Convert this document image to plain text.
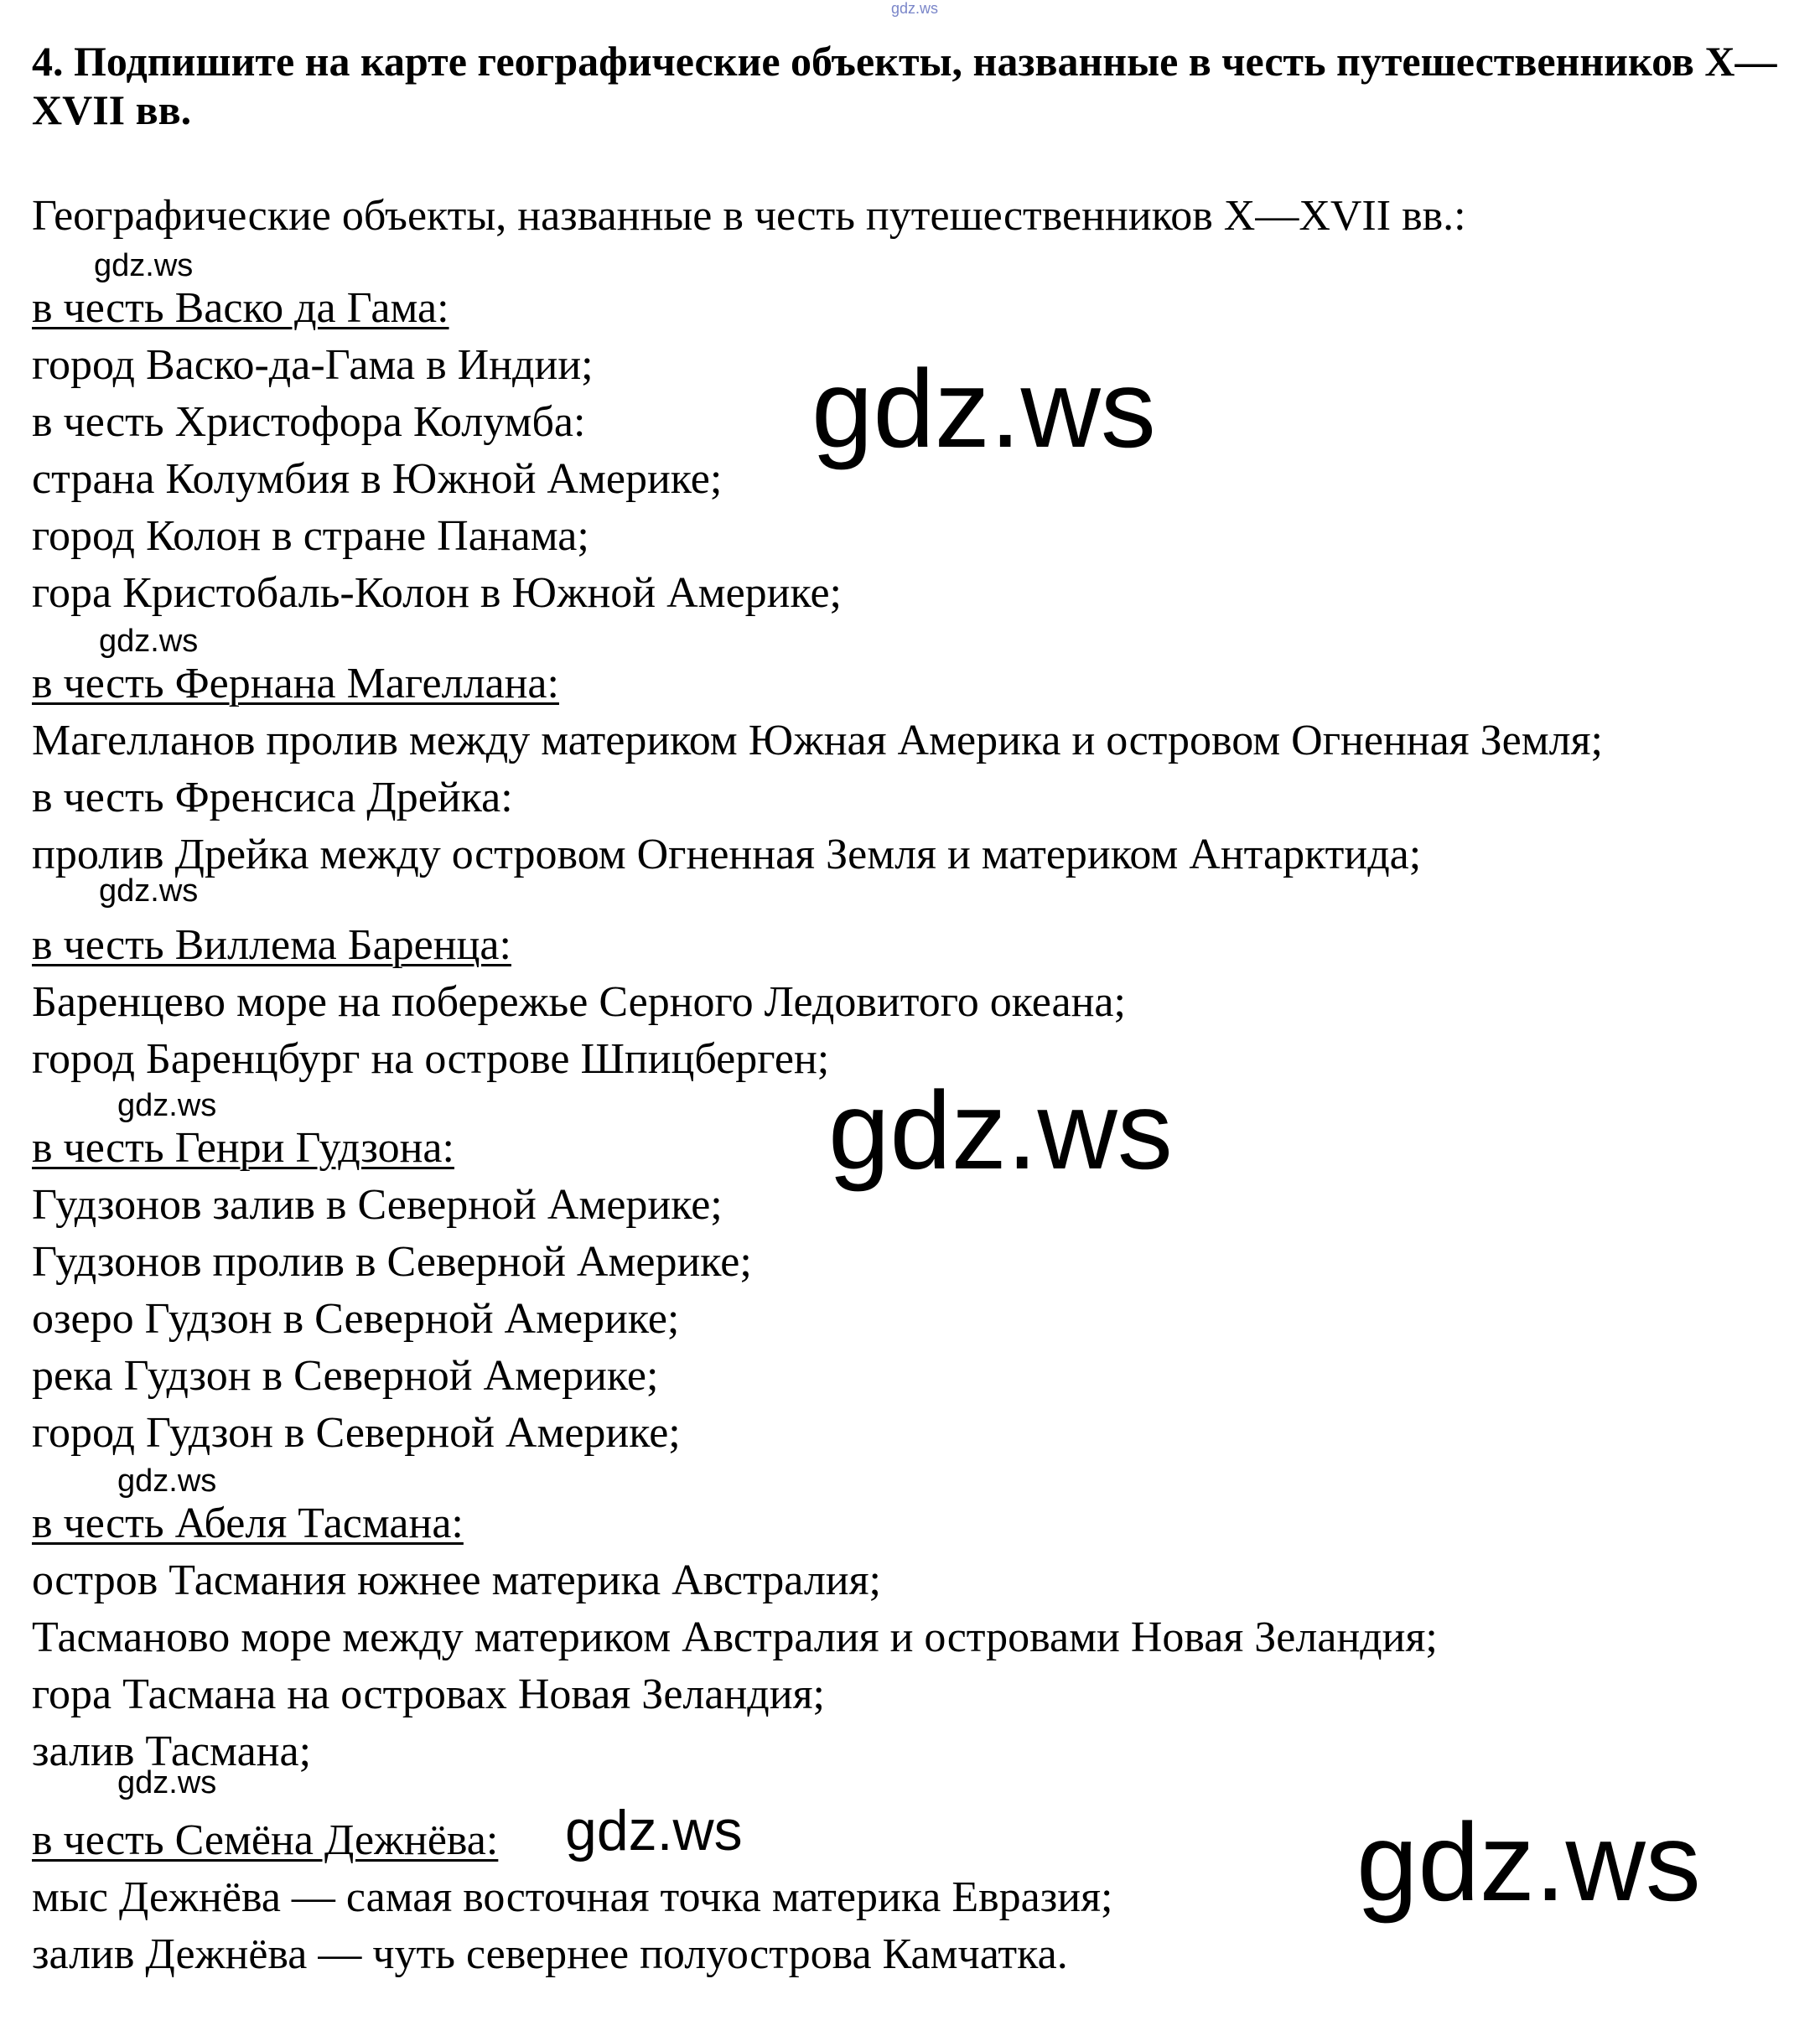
gdz.ws
4. Подпишите на карте географические объекты, названные в честь путешественников X—XVII вв.
Географические объекты, названные в честь путешественников X—XVII вв.:
в честь Васко да Гама:
город Васко-да-Гама в Индии;
в честь Христофора Колумба:
страна Колумбия в Южной Америке;
город Колон в стране Панама;
гора Кристобаль-Колон в Южной Америке;
в честь Фернана Магеллана:
Магелланов пролив между материком Южная Америка и островом Огненная Земля;
в честь Френсиса Дрейка:
пролив Дрейка между островом Огненная Земля и материком Антарктида;
в честь Виллема Баренца:
Баренцево море на побережье Серного Ледовитого океана;
город Баренцбург на острове Шпицберген;
в честь Генри Гудзона:
Гудзонов залив в Северной Америке;
Гудзонов пролив в Северной Америке;
озеро Гудзон в Северной Америке;
река Гудзон в Северной Америке;
город Гудзон в Северной Америке;
в честь Абеля Тасмана:
остров Тасмания южнее материка Австралия;
Тасманово море между материком Австралия и островами Новая Зеландия;
гора Тасмана на островах Новая Зеландия;
залив Тасмана;
в честь Семёна Дежнёва:
мыс Дежнёва — самая восточная точка материка Евразия;
залив Дежнёва — чуть севернее полуострова Камчатка.
gdz.ws
gdz.ws
gdz.ws
gdz.ws
gdz.ws	gdz.ws
gdz.ws
gdz.ws
gdz.ws	gdz.ws
